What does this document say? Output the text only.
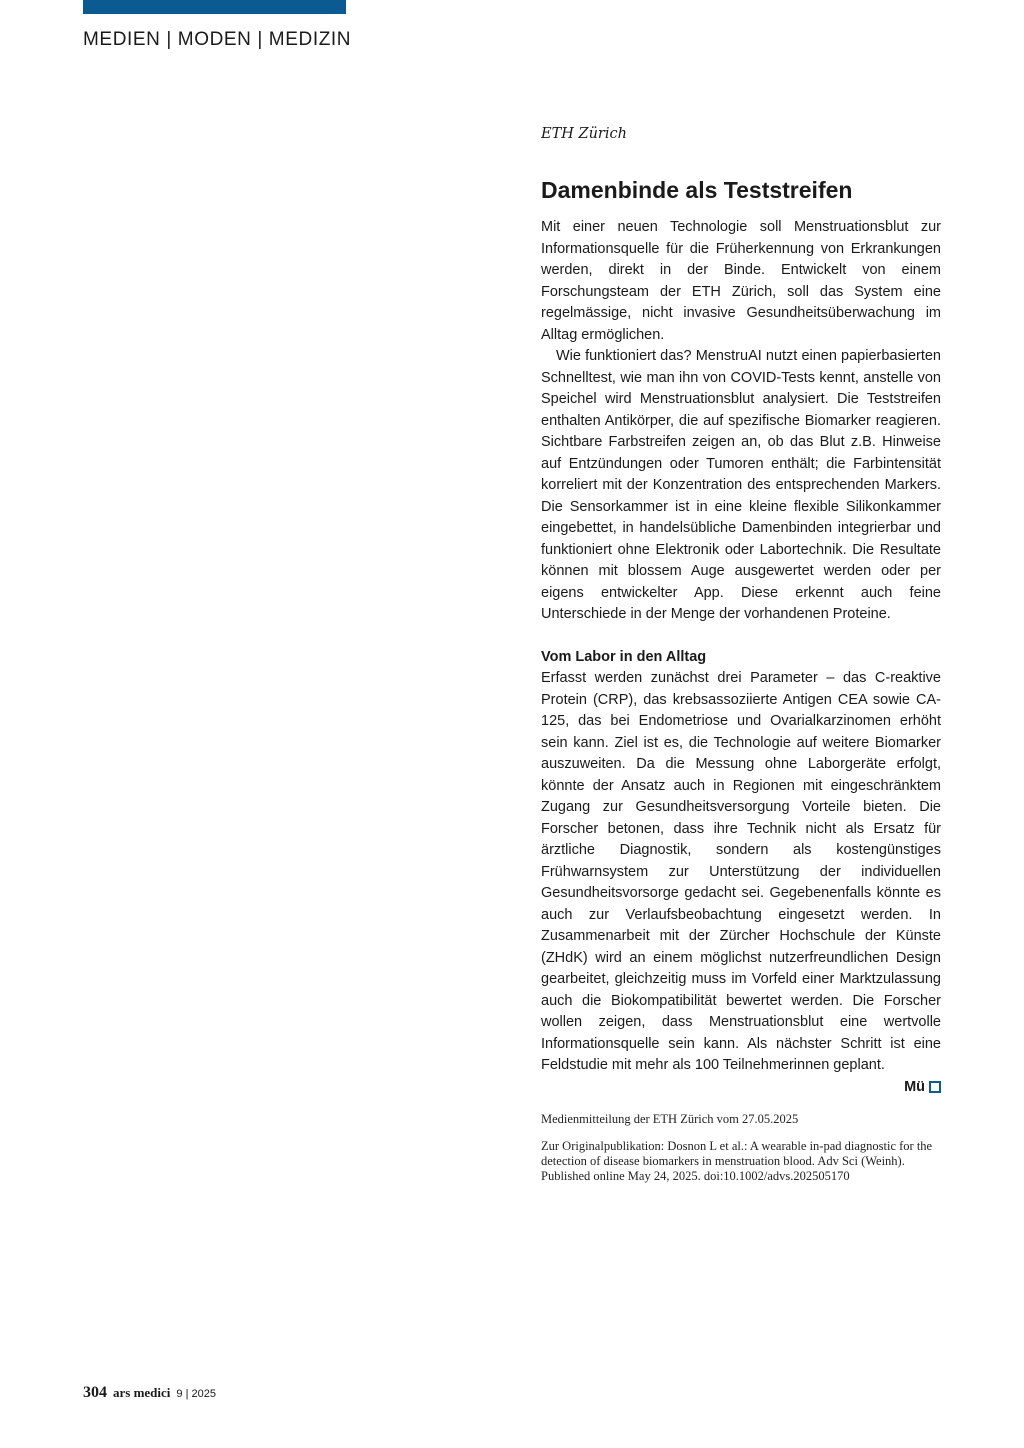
MEDIEN | MODEN | MEDIZIN

ETH Zürich

Damenbinde als Teststreifen

Mit einer neuen Technologie soll Menstruationsblut zur Informationsquelle für die Früherkennung von Erkrankungen werden, direkt in der Binde. Entwickelt von einem Forschungsteam der ETH Zürich, soll das System eine regelmässige, nicht invasive Gesundheitsüberwachung im Alltag ermöglichen.

Wie funktioniert das? MenstruAI nutzt einen papierbasierten Schnelltest, wie man ihn von COVID-Tests kennt, anstelle von Speichel wird Menstruationsblut analysiert. Die Teststreifen enthalten Antikörper, die auf spezifische Biomarker reagieren. Sichtbare Farbstreifen zeigen an, ob das Blut z.B. Hinweise auf Entzündungen oder Tumoren enthält; die Farbintensität korreliert mit der Konzentration des entsprechenden Markers. Die Sensorkammer ist in eine kleine flexible Silikonkammer eingebettet, in handelsübliche Damenbinden integrierbar und funktioniert ohne Elektronik oder Labortechnik. Die Resultate können mit blossem Auge ausgewertet werden oder per eigens entwickelter App. Diese erkennt auch feine Unterschiede in der Menge der vorhandenen Proteine.

Vom Labor in den Alltag

Erfasst werden zunächst drei Parameter – das C-reaktive Protein (CRP), das krebsassoziierte Antigen CEA sowie CA-125, das bei Endometriose und Ovarialkarzinomen erhöht sein kann. Ziel ist es, die Technologie auf weitere Biomarker auszuweiten. Da die Messung ohne Laborgeräte erfolgt, könnte der Ansatz auch in Regionen mit eingeschränktem Zugang zur Gesundheitsversorgung Vorteile bieten. Die Forscher betonen, dass ihre Technik nicht als Ersatz für ärztliche Diagnostik, sondern als kostengünstiges Frühwarnsystem zur Unterstützung der individuellen Gesundheitsvorsorge gedacht sei. Gegebenenfalls könnte es auch zur Verlaufsbeobachtung eingesetzt werden. In Zusammenarbeit mit der Zürcher Hochschule der Künste (ZHdK) wird an einem möglichst nutzerfreundlichen Design gearbeitet, gleichzeitig muss im Vorfeld einer Marktzulassung auch die Biokompatibilität bewertet werden. Die Forscher wollen zeigen, dass Menstruationsblut eine wertvolle Informationsquelle sein kann. Als nächster Schritt ist eine Feldstudie mit mehr als 100 Teilnehmerinnen geplant.

Mü

Medienmitteilung der ETH Zürich vom 27.05.2025

Zur Originalpublikation: Dosnon L et al.: A wearable in-pad diagnostic for the detection of disease biomarkers in menstruation blood. Adv Sci (Weinh). Published online May 24, 2025. doi:10.1002/advs.202505170

304 ars medici 9 | 2025
